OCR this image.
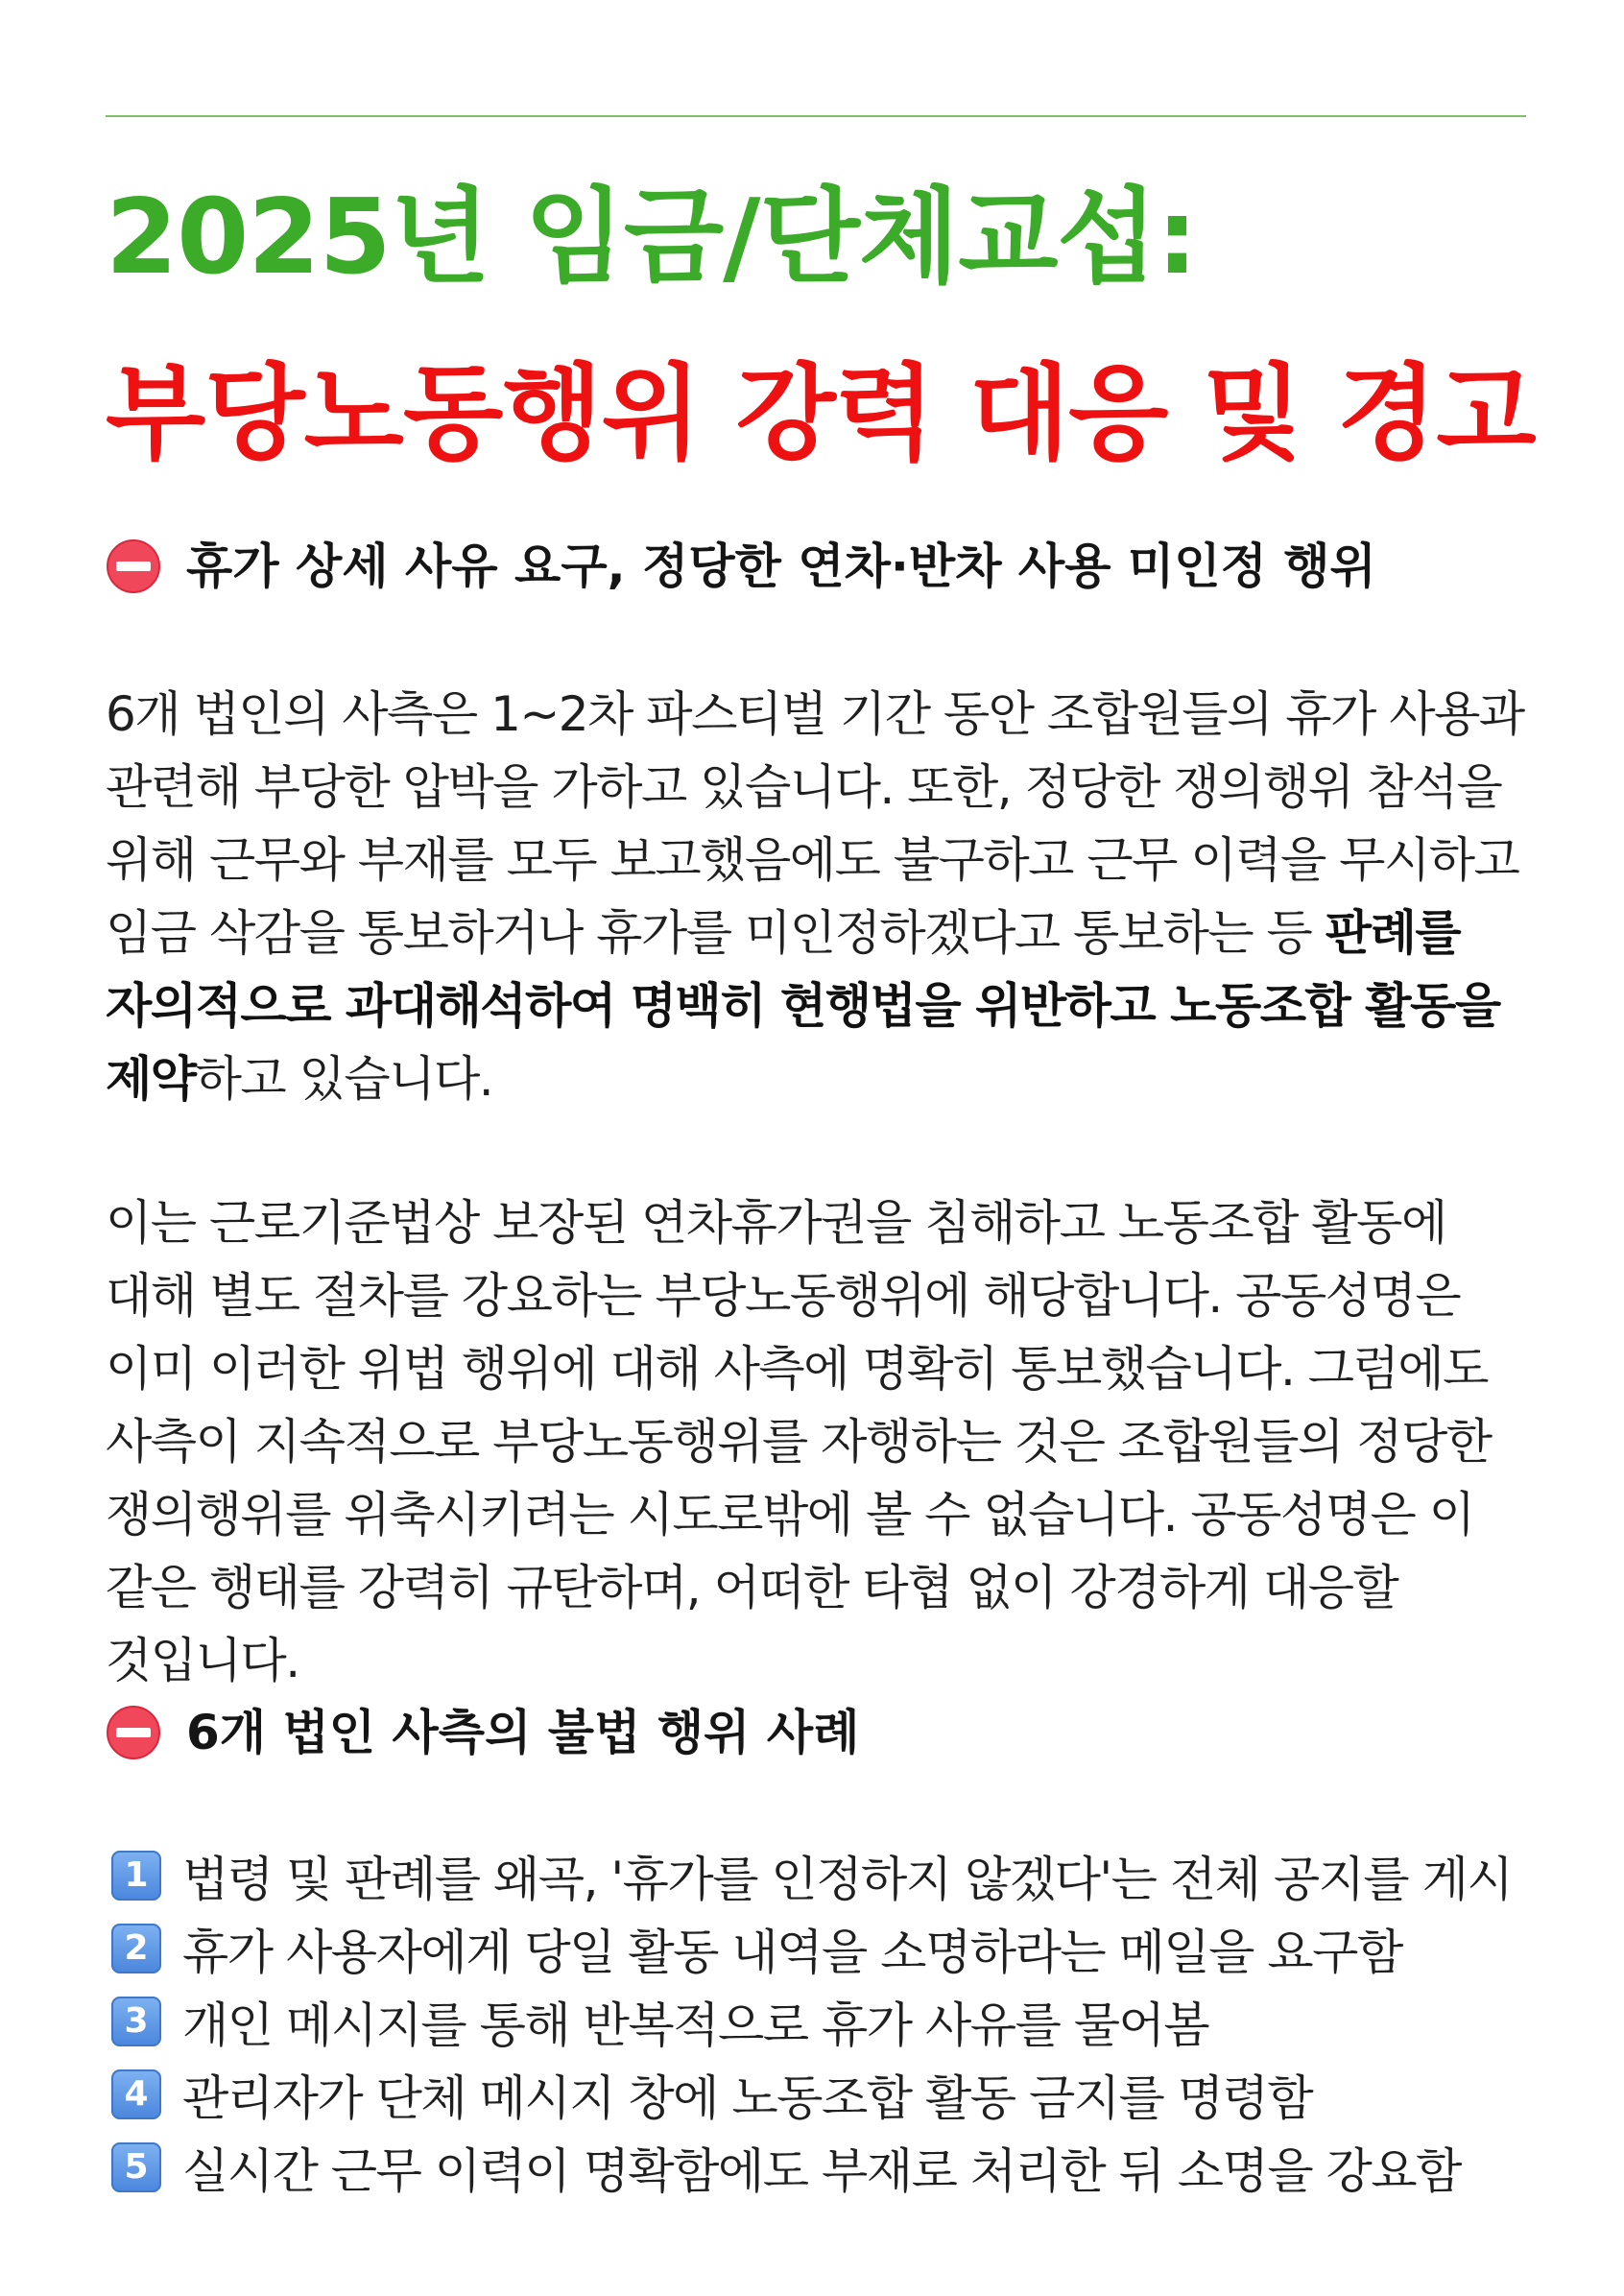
2025년 임금/단체교섭:
부당노동행위 강력 대응 및 경고
휴가 상세 사유 요구, 정당한 연차·반차 사용 미인정 행위

6개 법인의 사측은 1~2차 파스티벌 기간 동안 조합원들의 휴가 사용과 관련해 부당한 압박을 가하고 있습니다. 또한, 정당한 쟁의행위 참석을 위해 근무와 부재를 모두 보고했음에도 불구하고 근무 이력을 무시하고 임금 삭감을 통보하거나 휴가를 미인정하겠다고 통보하는 등 판례를 자의적으로 과대해석하여 명백히 현행법을 위반하고 노동조합 활동을 제약하고 있습니다.

이는 근로기준법상 보장된 연차휴가권을 침해하고 노동조합 활동에 대해 별도 절차를 강요하는 부당노동행위에 해당합니다. 공동성명은 이미 이러한 위법 행위에 대해 사측에 명확히 통보했습니다. 그럼에도 사측이 지속적으로 부당노동행위를 자행하는 것은 조합원들의 정당한 쟁의행위를 위축시키려는 시도로밖에 볼 수 없습니다. 공동성명은 이 같은 행태를 강력히 규탄하며, 어떠한 타협 없이 강경하게 대응할 것입니다.

6개 법인 사측의 불법 행위 사례
1 법령 및 판례를 왜곡, '휴가를 인정하지 않겠다'는 전체 공지를 게시
2 휴가 사용자에게 당일 활동 내역을 소명하라는 메일을 요구함
3 개인 메시지를 통해 반복적으로 휴가 사유를 물어봄
4 관리자가 단체 메시지 창에 노동조합 활동 금지를 명령함
5 실시간 근무 이력이 명확함에도 부재로 처리한 뒤 소명을 강요함
